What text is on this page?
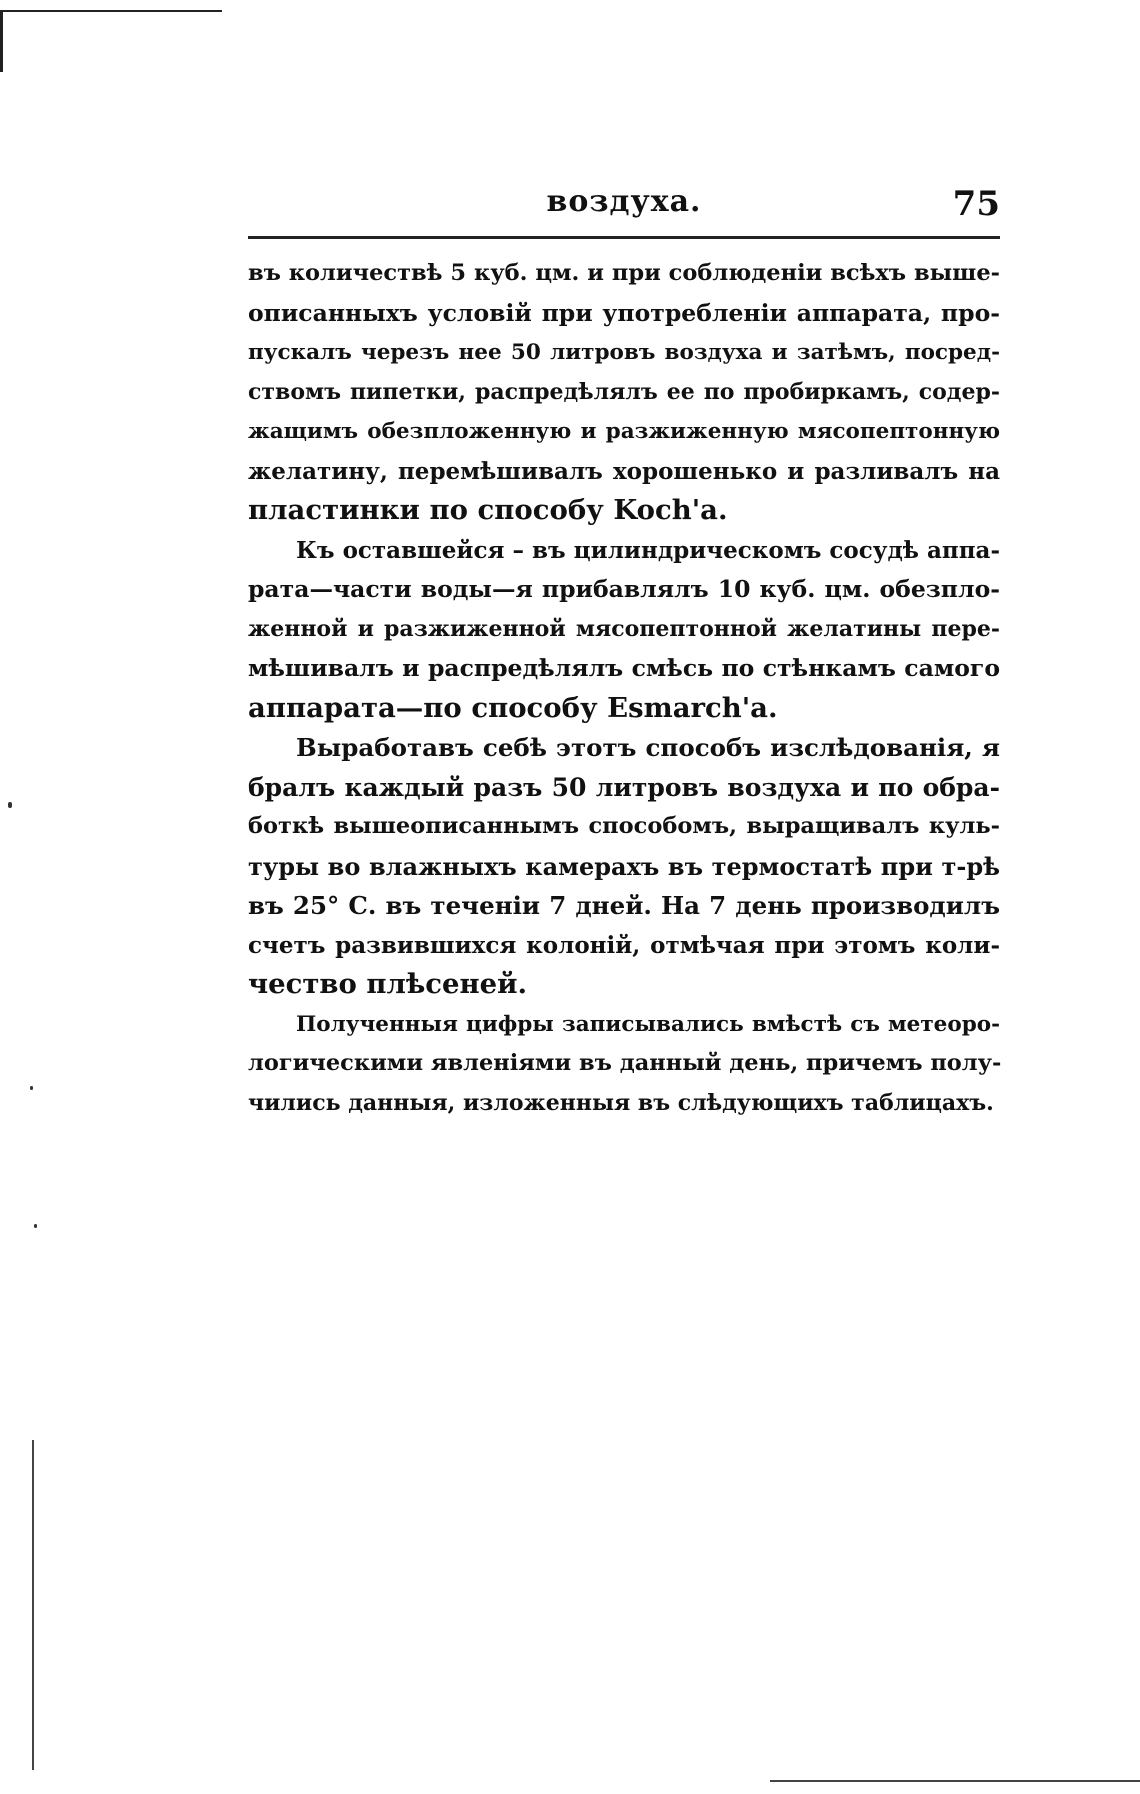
воздуха.	75

въ количествѣ 5 куб. цм. и при соблюденіи всѣхъ выше-
описанныхъ условій при употребленіи аппарата, про-
пускалъ черезъ нее 50 литровъ воздуха и затѣмъ, посред-
ствомъ пипетки, распредѣлялъ ее по пробиркамъ, содер-
жащимъ обезпложенную и разжиженную мясопептонную
желатину, перемѣшивалъ хорошенько и разливалъ на
пластинки по способу Koch'a.

Къ оставшейся – въ цилиндрическомъ сосудѣ аппа-
рата—части воды—я прибавлялъ 10 куб. цм. обезпло-
женной и разжиженной мясопептонной желатины пере-
мѣшивалъ и распредѣлялъ смѣсь по стѣнкамъ самого
аппарата—по способу Esmarch'a.

Выработавъ себѣ этотъ способъ изслѣдованія, я
бралъ каждый разъ 50 литровъ воздуха и по обра-
боткѣ вышеописаннымъ способомъ, выращивалъ куль-
туры во влажныхъ камерахъ въ термостатѣ при т-рѣ
въ 25° С. въ теченіи 7 дней. На 7 день производилъ
счетъ развившихся колоній, отмѣчая при этомъ коли-
чество плѣсеней.

Полученныя цифры записывались вмѣстѣ съ метеоро-
логическими явленіями въ данный день, причемъ полу-
чились данныя, изложенныя въ слѣдующихъ таблицахъ.
